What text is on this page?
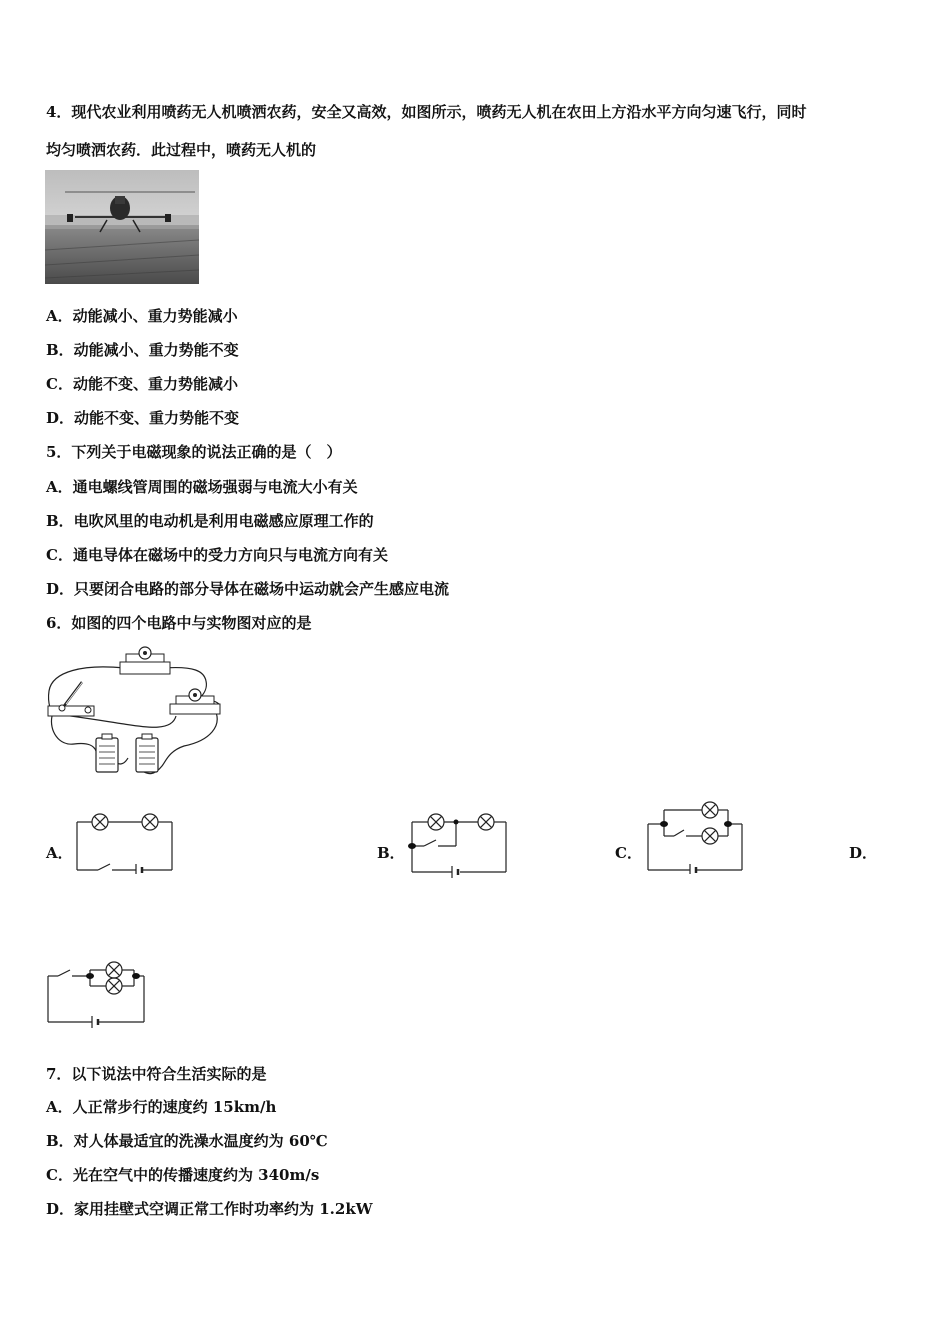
4．现代农业利用喷药无人机喷洒农药，安全又高效，如图所示，喷药无人机在农田上方沿水平方向匀速飞行，同时
均匀喷洒农药．此过程中，喷药无人机的
A．动能减小、重力势能减小
B．动能减小、重力势能不变
C．动能不变、重力势能减小
D．动能不变、重力势能不变
5．下列关于电磁现象的说法正确的是（　）
A．通电螺线管周围的磁场强弱与电流大小有关
B．电吹风里的电动机是利用电磁感应原理工作的
C．通电导体在磁场中的受力方向只与电流方向有关
D．只要闭合电路的部分导体在磁场中运动就会产生感应电流
6．如图的四个电路中与实物图对应的是
A．	B．	C．	D．
7．以下说法中符合生活实际的是
A．人正常步行的速度约 15km/h
B．对人体最适宜的洗澡水温度约为 60℃
C．光在空气中的传播速度约为 340m/s
D．家用挂壁式空调正常工作时功率约为 1.2kW
